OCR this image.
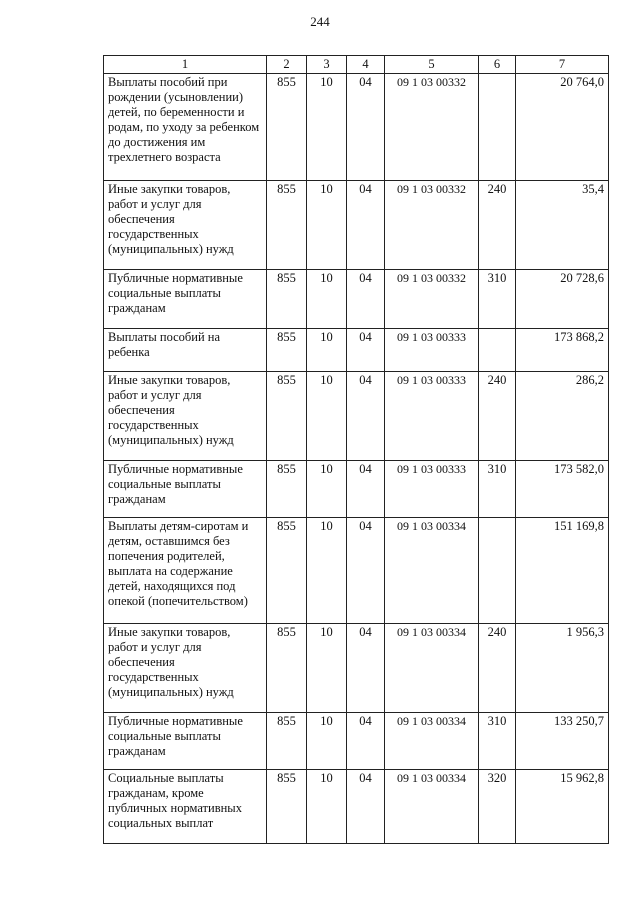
244
1	2	3	4	5	6	7
Выплаты пособий при рождении (усыновлении) детей, по беременности и родам, по уходу за ребенком до достижения им трехлетнего возраста	855	10	04	09 1 03 00332		20 764,0
Иные закупки товаров, работ и услуг для обеспечения государственных (муниципальных) нужд	855	10	04	09 1 03 00332	240	35,4
Публичные нормативные социальные выплаты гражданам	855	10	04	09 1 03 00332	310	20 728,6
Выплаты пособий на ребенка	855	10	04	09 1 03 00333		173 868,2
Иные закупки товаров, работ и услуг для обеспечения государственных (муниципальных) нужд	855	10	04	09 1 03 00333	240	286,2
Публичные нормативные социальные выплаты гражданам	855	10	04	09 1 03 00333	310	173 582,0
Выплаты детям-сиротам и детям, оставшимся без попечения родителей, выплата на содержание детей, находящихся под опекой (попечительством)	855	10	04	09 1 03 00334		151 169,8
Иные закупки товаров, работ и услуг для обеспечения государственных (муниципальных) нужд	855	10	04	09 1 03 00334	240	1 956,3
Публичные нормативные социальные выплаты гражданам	855	10	04	09 1 03 00334	310	133 250,7
Социальные выплаты гражданам, кроме публичных нормативных социальных выплат	855	10	04	09 1 03 00334	320	15 962,8
